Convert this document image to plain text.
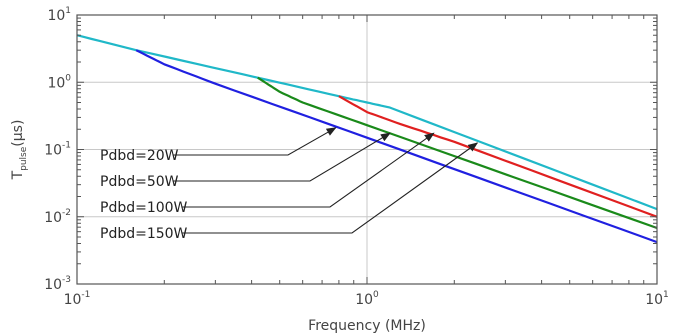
$10^{-1}$	$10^0$	$10^1$
$10^{-3}$
$10^{-2}$
$10^{-1}$
$10^0$
$10^1$
Pdbd=20W
Pdbd=50W
Pdbd=100W
Pdbd=150W
Frequency (MHz)
$T_{pulse}(\mu s)$
